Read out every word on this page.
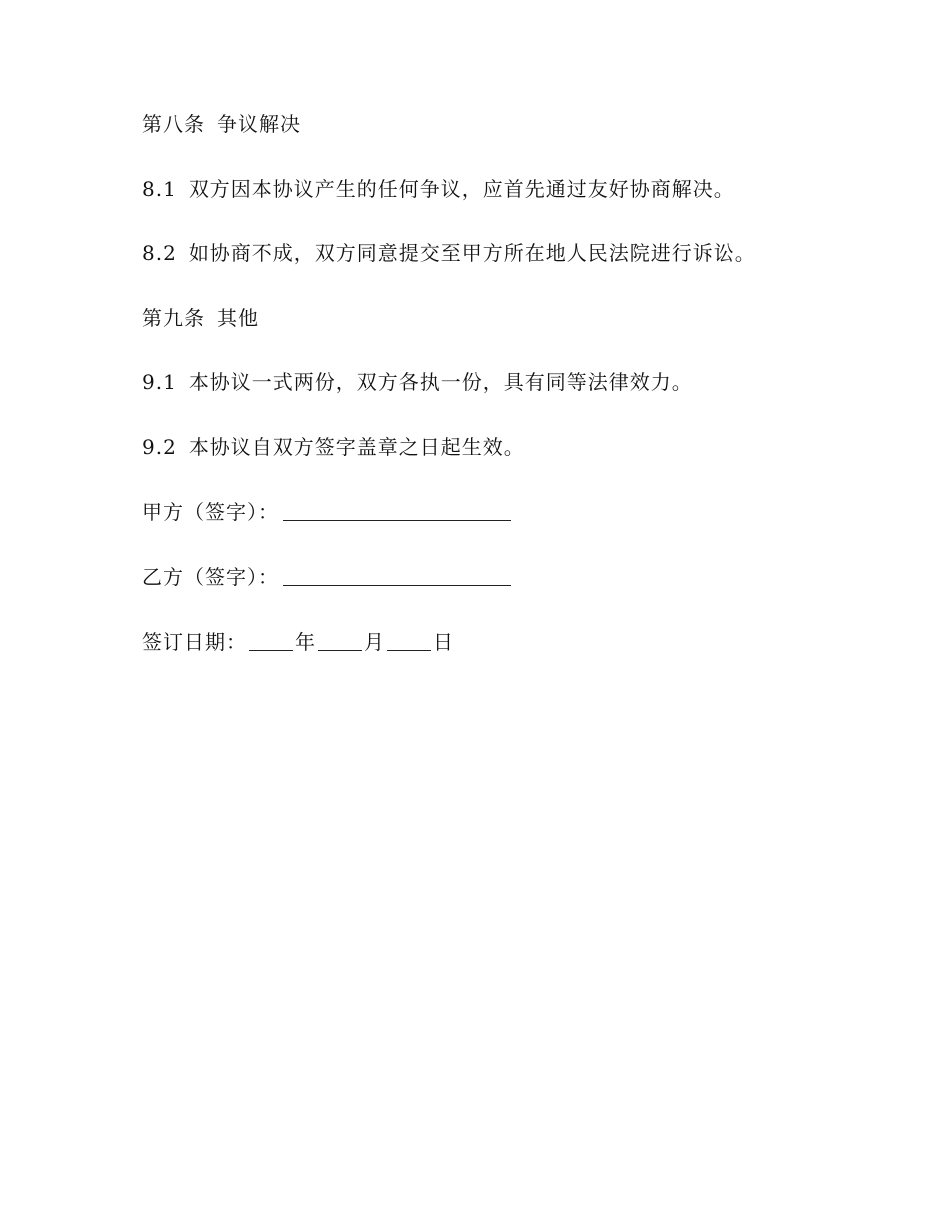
第八条 争议解决
8.1 双方因本协议产生的任何争议，应首先通过友好协商解决。
8.2 如协商不成，双方同意提交至甲方所在地人民法院进行诉讼。
第九条 其他
9.1 本协议一式两份，双方各执一份，具有同等法律效力。
9.2 本协议自双方签字盖章之日起生效。
甲方（签字）：
乙方（签字）：
签订日期： 年 月 日
